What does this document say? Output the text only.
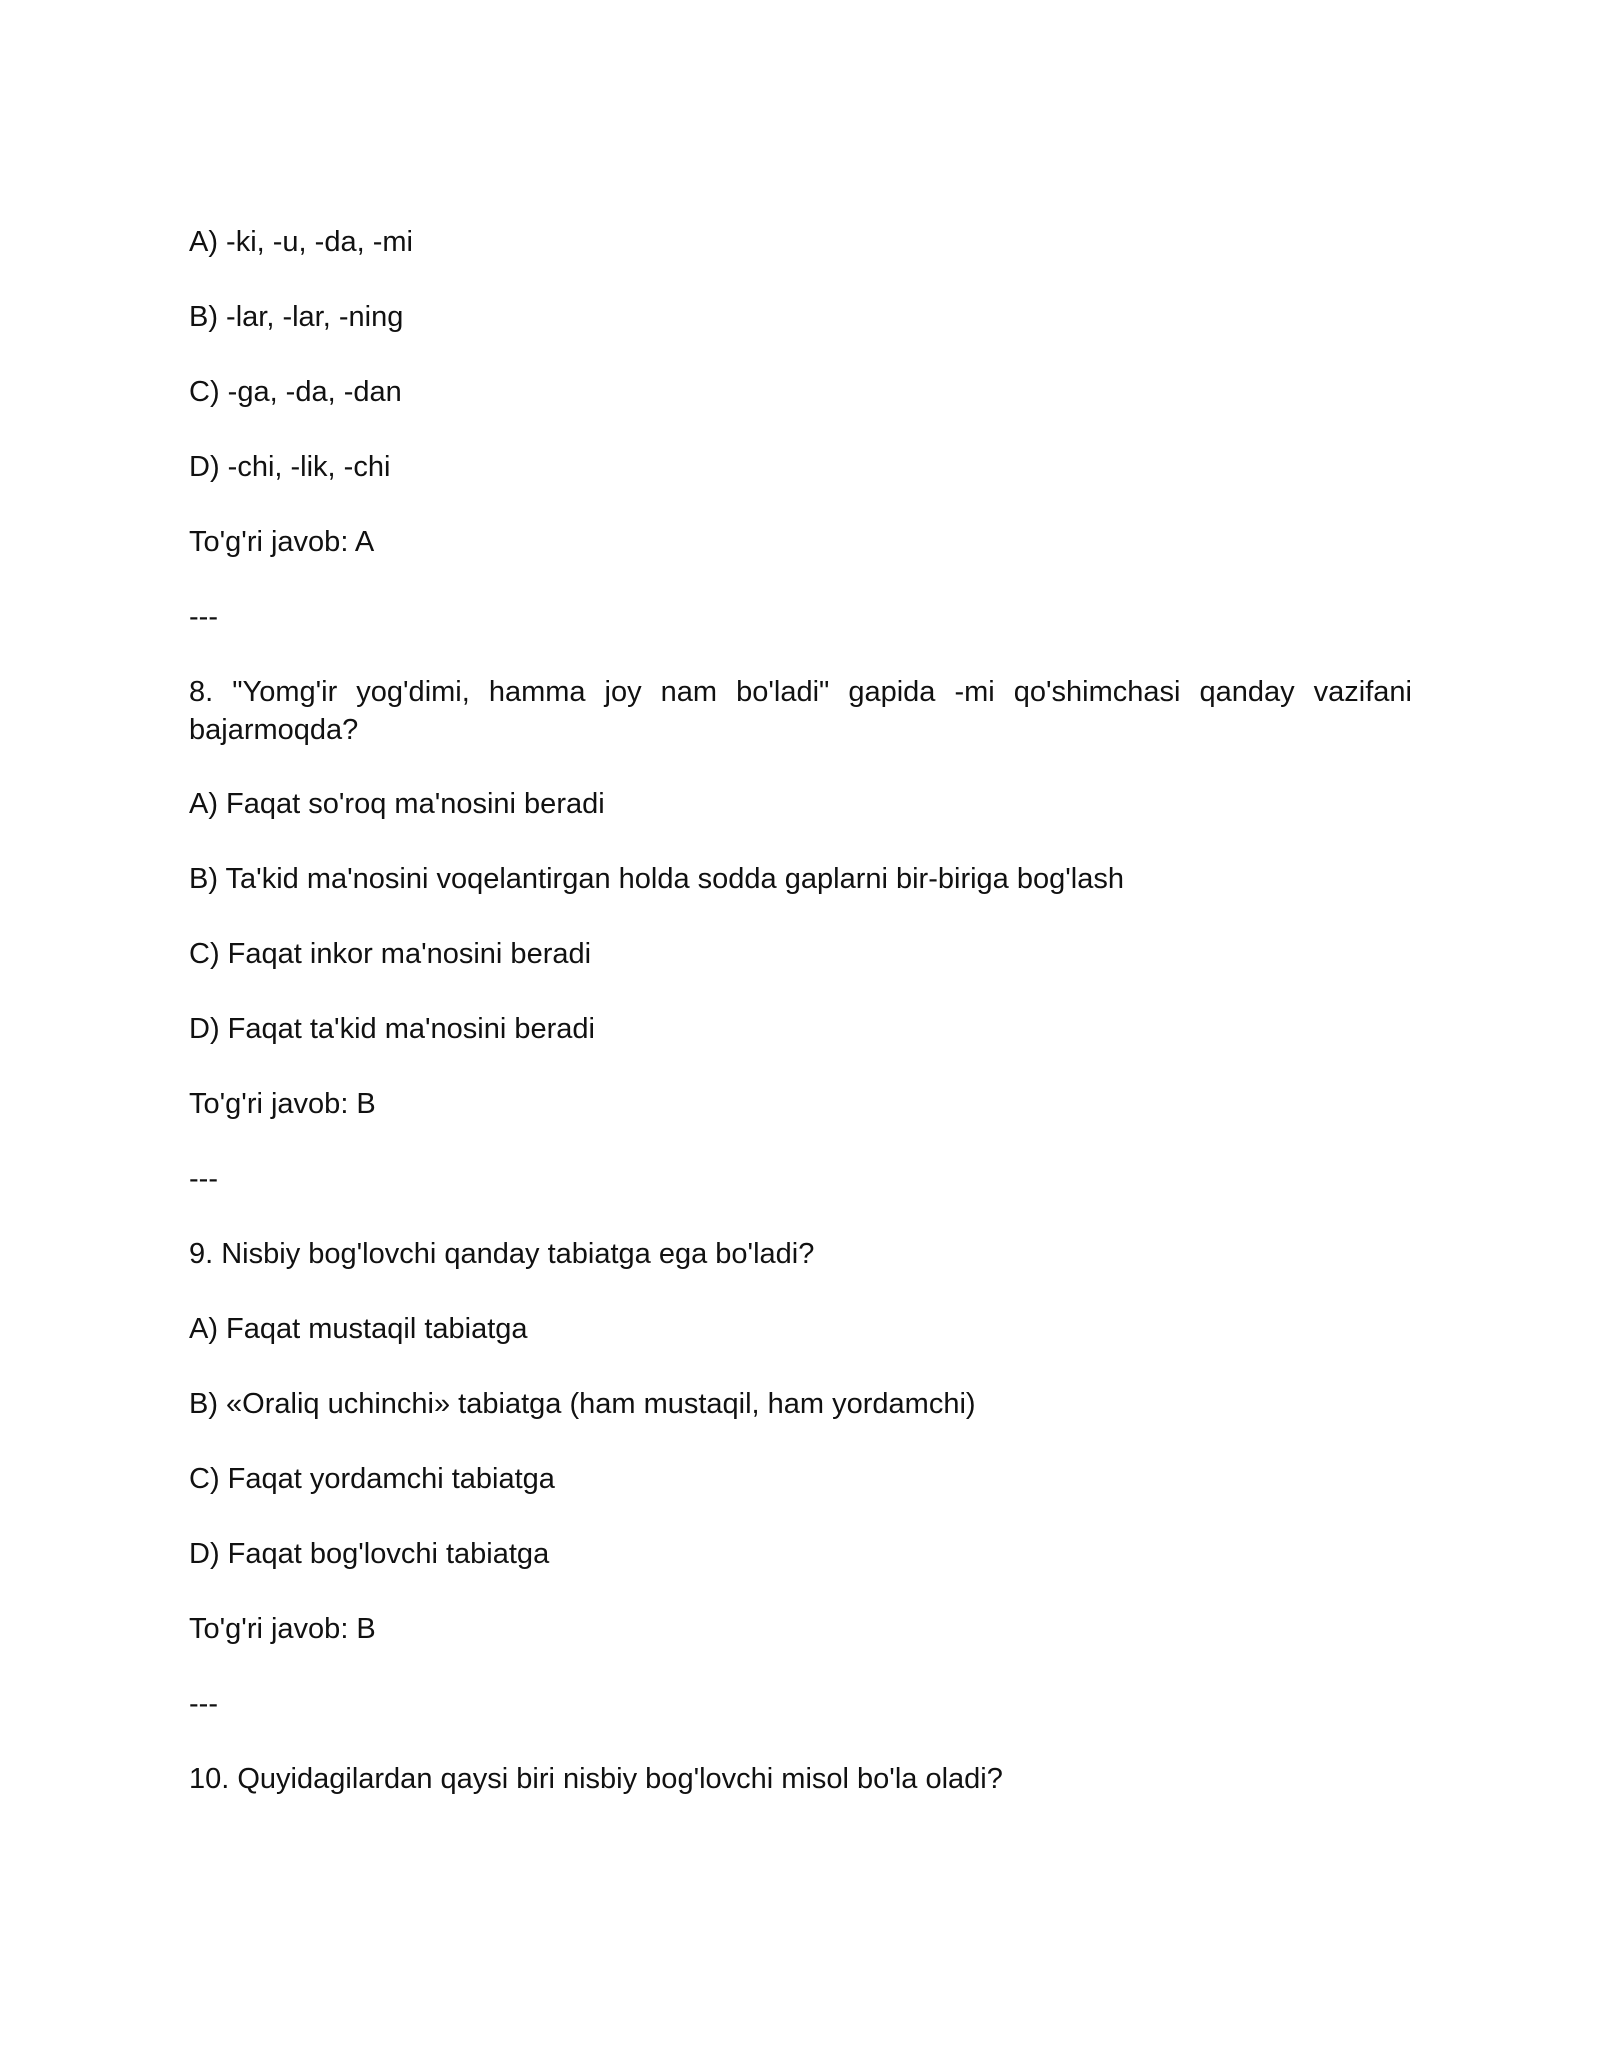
A) -ki, -u, -da, -mi
B) -lar, -lar, -ning
C) -ga, -da, -dan
D) -chi, -lik, -chi
To'g'ri javob: A
---
8. "Yomg'ir yog'dimi, hamma joy nam bo'ladi" gapida -mi qo'shimchasi qanday vazifani bajarmoqda?
A) Faqat so'roq ma'nosini beradi
B) Ta'kid ma'nosini voqelantirgan holda sodda gaplarni bir-biriga bog'lash
C) Faqat inkor ma'nosini beradi
D) Faqat ta'kid ma'nosini beradi
To'g'ri javob: B
---
9. Nisbiy bog'lovchi qanday tabiatga ega bo'ladi?
A) Faqat mustaqil tabiatga
B) «Oraliq uchinchi» tabiatga (ham mustaqil, ham yordamchi)
C) Faqat yordamchi tabiatga
D) Faqat bog'lovchi tabiatga
To'g'ri javob: B
---
10. Quyidagilardan qaysi biri nisbiy bog'lovchi misol bo'la oladi?
